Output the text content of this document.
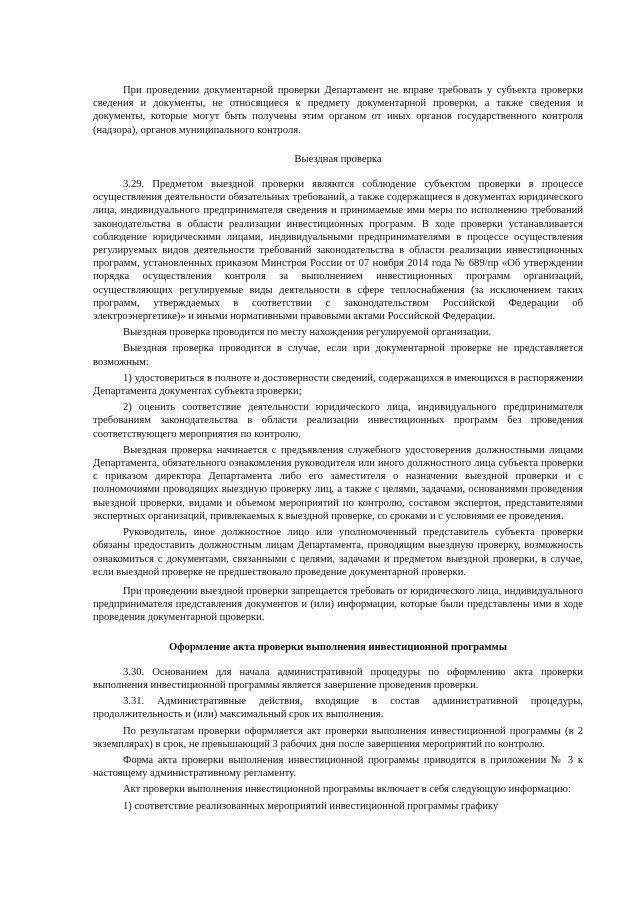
При проведении документарной проверки Департамент не вправе требовать у субъекта проверки сведения и документы, не относящиеся к предмету документарной проверки, а также сведения и документы, которые могут быть получены этим органом от иных органов государственного контроля (надзора), органов муниципального контроля.

Выездная проверка

3.29. Предметом выездной проверки являются соблюдение субъектом проверки в процессе осуществления деятельности обязательных требований, а также содержащиеся в документах юридического лица, индивидуального предпринимателя сведения и принимаемые ими меры по исполнению требований законодательства в области реализации инвестиционных программ. В ходе проверки устанавливается соблюдение юридическими лицами, индивидуальными предпринимателями в процессе осуществления регулируемых видов деятельности требований законодательства в области реализации инвестиционных программ, установленных приказом Минстроя России от 07 ноября 2014 года № 689/пр «Об утверждении порядка осуществления контроля за выполнением инвестиционных программ организаций, осуществляющих регулируемые виды деятельности в сфере теплоснабжения (за исключением таких программ, утверждаемых в соответствии с законодательством Российской Федерации об электроэнергетике)» и иными нормативными правовыми актами Российской Федерации.

Выездная проверка проводится по месту нахождения регулируемой организации.

Выездная проверка проводится в случае, если при документарной проверке не представляется возможным:

1) удостовериться в полноте и достоверности сведений, содержащихся в имеющихся в распоряжении Департамента документах субъекта проверки;

2) оценить соответствие деятельности юридического лица, индивидуального предпринимателя требованиям законодательства в области реализации инвестиционных программ без проведения соответствующего мероприятия по контролю.

Выездная проверка начинается с предъявления служебного удостоверения должностными лицами Департамента, обязательного ознакомления руководителя или иного должностного лица субъекта проверки с приказом директора Департамента либо его заместителя о назначении выездной проверки и с полномочиями проводящих выездную проверку лиц, а также с целями, задачами, основаниями проведения выездной проверки, видами и объемом мероприятий по контролю, составом экспертов, представителями экспертных организаций, привлекаемых к выездной проверке, со сроками и с условиями ее проведения.

Руководитель, иное должностное лицо или уполномоченный представитель субъекта проверки обязаны предоставить должностным лицам Департамента, проводящим выездную проверку, возможность ознакомиться с документами, связанными с целями, задачами и предметом выездной проверки, в случае, если выездной проверке не предшествовало проведение документарной проверки.

При проведении выездной проверки запрещается требовать от юридического лица, индивидуального предпринимателя представления документов и (или) информации, которые были представлены ими в ходе проведения документарной проверки.

Оформление акта проверки выполнения инвестиционной программы

3.30. Основанием для начала административной процедуры по оформлению акта проверки выполнения инвестиционной программы является завершение проведения проверки.

3.31. Административные действия, входящие в состав административной процедуры, продолжительность и (или) максимальный срок их выполнения.

По результатам проверки оформляется акт проверки выполнения инвестиционной программы (в 2 экземплярах) в срок, не превышающий 3 рабочих дня после завершения мероприятий по контролю.

Форма акта проверки выполнения инвестиционной программы приводится в приложении № 3 к настоящему административному регламенту.

Акт проверки выполнения инвестиционной программы включает в себя следующую информацию:

1) соответствие реализованных мероприятий инвестиционной программы графику
